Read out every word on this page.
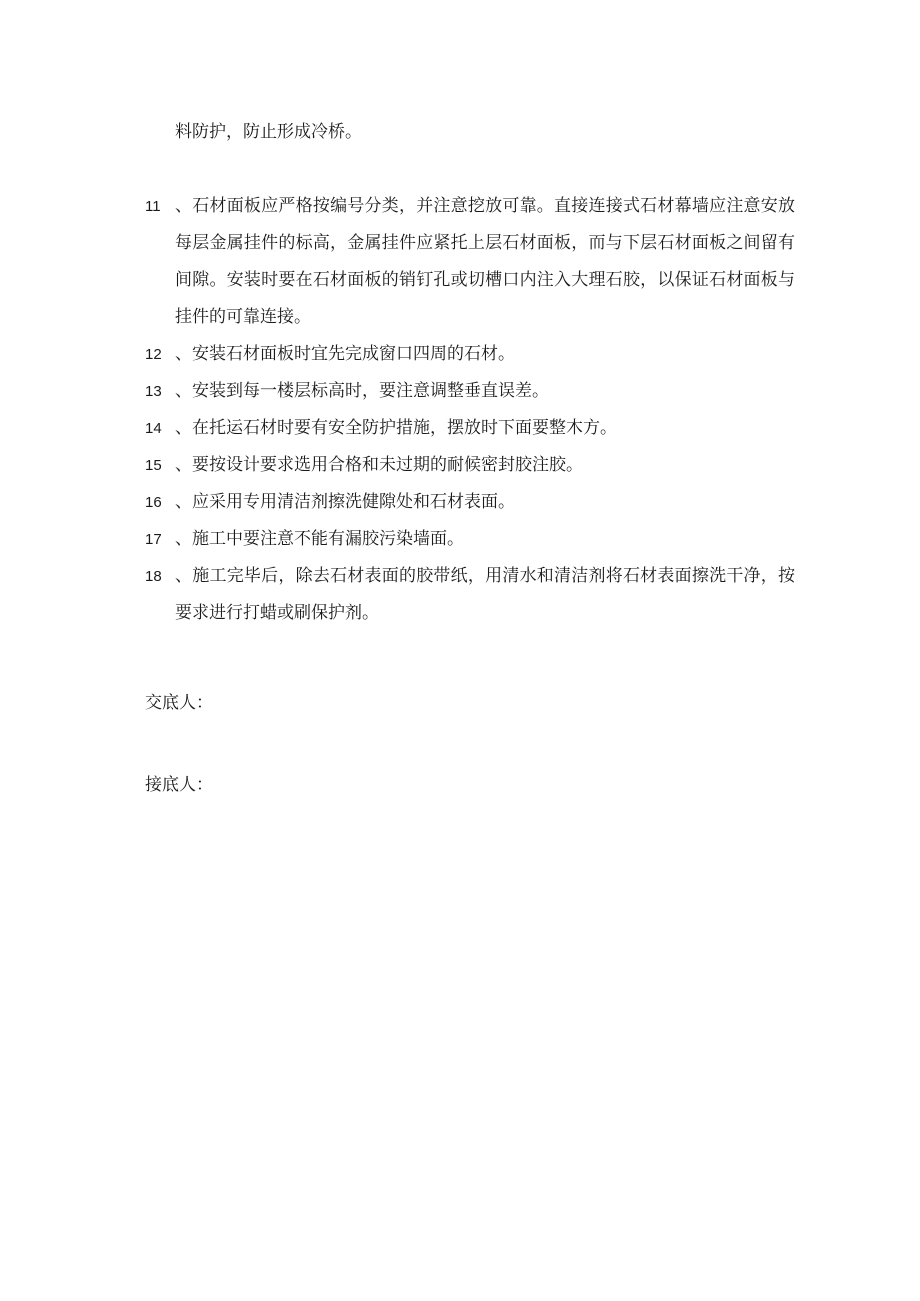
料防护，防止形成冷桥。
11 、石材面板应严格按编号分类，并注意挖放可靠。直接连接式石材幕墙应注意安放每层金属挂件的标高，金属挂件应紧托上层石材面板，而与下层石材面板之间留有间隙。安装时要在石材面板的销钉孔或切槽口内注入大理石胶，以保证石材面板与挂件的可靠连接。
12 、安装石材面板时宜先完成窗口四周的石材。
13 、安装到每一楼层标高时，要注意调整垂直误差。
14 、在托运石材时要有安全防护措施，摆放时下面要整木方。
15 、要按设计要求选用合格和未过期的耐候密封胶注胶。
16 、应采用专用清洁剂擦洗健隙处和石材表面。
17 、施工中要注意不能有漏胶污染墙面。
18 、施工完毕后，除去石材表面的胶带纸，用清水和清洁剂将石材表面擦洗干净，按要求进行打蜡或刷保护剂。
交底人：
接底人：
